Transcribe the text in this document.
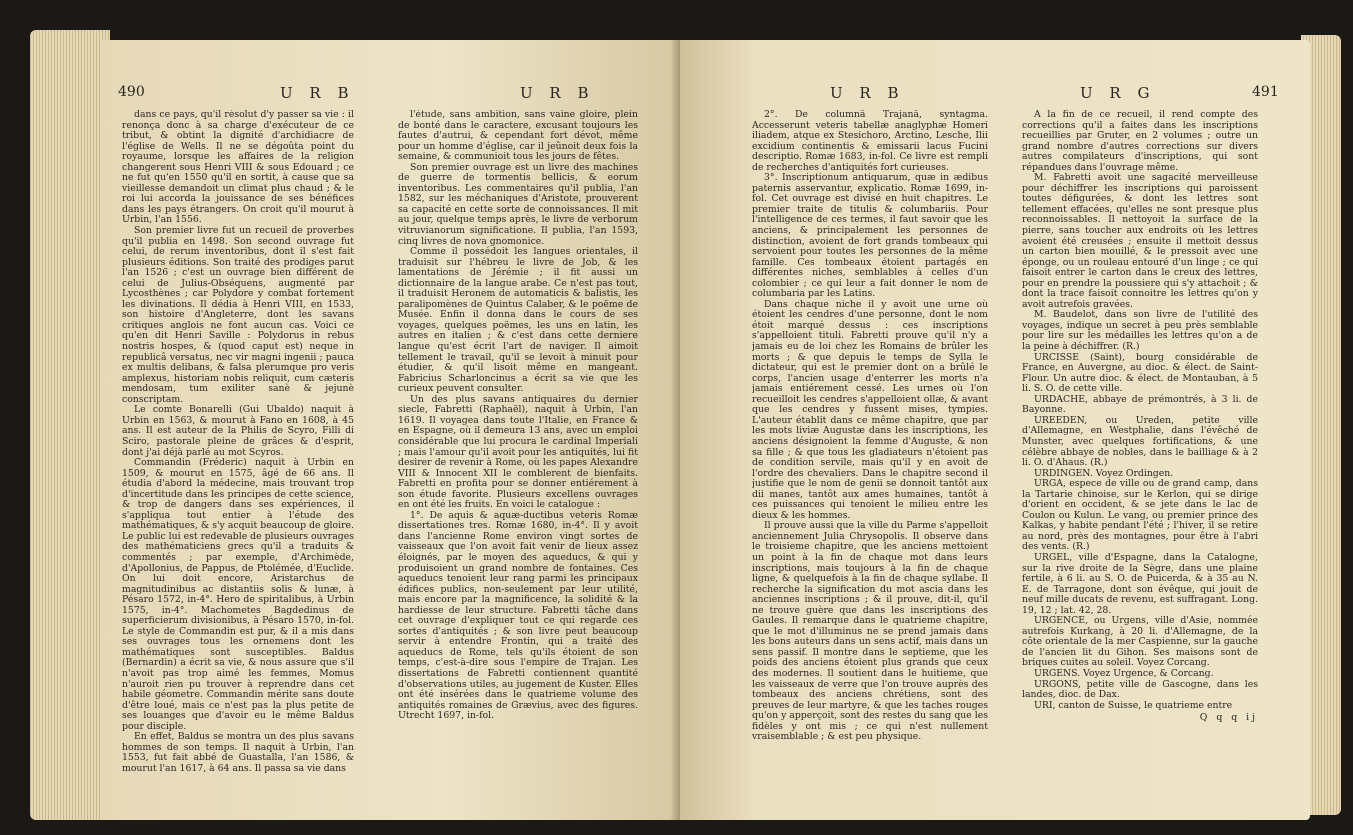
490	U R B	U R B

dans ce pays, qu'il résolut d'y passer sa vie : il renonça donc à sa charge d'exécuteur de ce tribut, & obtint la dignité d'archidiacre de l'église de Wells. Il ne se dégoûta point du royaume, lorsque les affaires de la religion changerent sous Henri VIII & sous Edouard ; ce ne fut qu'en 1550 qu'il en sortit, à cause que sa vieillesse demandoit un climat plus chaud ; & le roi lui accorda la jouissance de ses bénéfices dans les pays étrangers. On croit qu'il mourut à Urbin, l'an 1556.

Son premier livre fut un recueil de proverbes qu'il publia en 1498. Son second ouvrage fut celui, de rerum inventoribus, dont il s'est fait plusieurs éditions. Son traité des prodiges parut l'an 1526 ; c'est un ouvrage bien différent de celui de Julius-Obséquens, augmenté par Lycosthènes ; car Polydore y combat fortement les divinations. Il dédia à Henri VIII, en 1533, son histoire d'Angleterre, dont les savans critiques anglois ne font aucun cas. Voici ce qu'en dit Henri Saville : Polydorus in rebus nostris hospes, & (quod caput est) neque in republicâ versatus, nec vir magni ingenii ; pauca ex multis delibans, & falsa plerumque pro veris amplexus, historiam nobis reliquit, cum cæteris mendosam, tum exiliter sanè & jejunè conscriptam.

Le comte Bonarelli (Gui Ubaldo) naquit à Urbin en 1563, & mourut à Fano en 1608, à 45 ans. Il est auteur de la Philis de Scyro, Filli di Sciro, pastorale pleine de grâces & d'esprit, dont j'ai déjà parlé au mot Scyros.

Commandin (Fréderic) naquit à Urbin en 1509, & mourut en 1575, âgé de 66 ans. Il étudia d'abord la médecine, mais trouvant trop d'incertitude dans les principes de cette science, & trop de dangers dans ses expériences, il s'appliqua tout entier à l'étude des mathématiques, & s'y acquit beaucoup de gloire. Le public lui est redevable de plusieurs ouvrages des mathématiciens grecs qu'il a traduits & commentés ; par exemple, d'Archimède, d'Apollonius, de Pappus, de Ptolémée, d'Euclide. On lui doit encore, Aristarchus de magnitudinibus ac distantiis solis & lunæ, à Pésaro 1572, in-4°. Hero de spiritalibus, à Urbin 1575, in-4°. Machometes Bagdedinus de superficierum divisionibus, à Pésaro 1570, in-fol. Le style de Commandin est pur, & il a mis dans ses ouvrages tous les ornemens dont les mathématiques sont susceptibles. Baldus (Bernardin) a écrit sa vie, & nous assure que s'il n'avoit pas trop aimé les femmes, Momus n'auroit rien pu trouver à reprendre dans cet habile géometre. Commandin mérite sans doute d'être loué, mais ce n'est pas la plus petite de ses louanges que d'avoir eu le même Baldus pour disciple.

En effet, Baldus se montra un des plus savans hommes de son temps. Il naquit à Urbin, l'an 1553, fut fait abbé de Guastalla, l'an 1586, & mourut l'an 1617, à 64 ans. Il passa sa vie dans

l'étude, sans ambition, sans vaine gloire, plein de bonté dans le caractere, excusant toujours les fautes d'autrui, & cependant fort dévot, même pour un homme d'église, car il jeûnoit deux fois la semaine, & communioit tous les jours de fêtes.

Son premier ouvrage est un livre des machines de guerre de tormentis bellicis, & eorum inventoribus. Les commentaires qu'il publia, l'an 1582, sur les méchaniques d'Aristote, prouverent sa capacité en cette sorte de connoissances. Il mit au jour, quelque temps après, le livre de verborum vitruvianorum significatione. Il publia, l'an 1593, cinq livres de nova gnomonice.

Comme il possédoit les langues orientales, il traduisit sur l'hébreu le livre de Job, & les lamentations de Jérémie ; il fit aussi un dictionnaire de la langue arabe. Ce n'est pas tout, il traduisit Heronem de automaticis & balistis, les paralipomènes de Quintus Calaber, & le poëme de Musée. Enfin il donna dans le cours de ses voyages, quelques poëmes, les uns en latin, les autres en italien ; & c'est dans cette derniere langue qu'est écrit l'art de naviger. Il aimoit tellement le travail, qu'il se levoit à minuit pour étudier, & qu'il lisoit même en mangeant. Fabricius Scharloncinus a écrit sa vie que les curieux peuvent consulter.

Un des plus savans antiquaires du dernier siecle, Fabretti (Raphaël), naquit à Urbin, l'an 1619. Il voyagea dans toute l'Italie, en France & en Espagne, où il demeura 13 ans, avec un emploi considérable que lui procura le cardinal Imperiali ; mais l'amour qu'il avoit pour les antiquités, lui fit desirer de revenir à Rome, où les papes Alexandre VIII & Innocent XII le comblerent de bienfaits. Fabretti en profita pour se donner entiérement à son étude favorite. Plusieurs excellens ouvrages en ont été les fruits. En voici le catalogue :

1°. De aquis & aquæ-ductibus veteris Romæ dissertationes tres. Romæ 1680, in-4°. Il y avoit dans l'ancienne Rome environ vingt sortes de vaisseaux que l'on avoit fait venir de lieux assez éloignés, par le moyen des aqueducs, & qui y produisoient un grand nombre de fontaines. Ces aqueducs tenoient leur rang parmi les principaux édifices publics, non-seulement par leur utilité, mais encore par la magnificence, la solidité & la hardiesse de leur structure. Fabretti tâche dans cet ouvrage d'expliquer tout ce qui regarde ces sortes d'antiquités ; & son livre peut beaucoup servir à entendre Frontin, qui a traité des aqueducs de Rome, tels qu'ils étoient de son temps, c'est-à-dire sous l'empire de Trajan. Les dissertations de Fabretti contiennent quantité d'observations utiles, au jugement de Kuster. Elles ont été insérées dans le quatrieme volume des antiquités romaines de Grævius, avec des figures. Utrecht 1697, in-fol.

U R B	U R G	491

2°. De columnâ Trajanâ, syntagma. Accesserunt veteris tabellæ anaglyphæ Homeri iliadem, atque ex Stesichoro, Arctino, Lesche, Ilii excidium continentis & emissarii lacus Fucini descriptio. Romæ 1683, in-fol. Ce livre est rempli de recherches d'antiquités fort curieuses.

3°. Inscriptionum antiquarum, quæ in ædibus paternis asservantur, explicatio. Romæ 1699, in-fol. Cet ouvrage est divisé en huit chapitres. Le premier traite de titulis & columbariis. Pour l'intelligence de ces termes, il faut savoir que les anciens, & principalement les personnes de distinction, avoient de fort grands tombeaux qui servoient pour toutes les personnes de la même famille. Ces tombeaux étoient partagés en différentes niches, semblables à celles d'un colombier ; ce qui leur a fait donner le nom de columbaria par les Latins.

Dans chaque niche il y avoit une urne où étoient les cendres d'une personne, dont le nom étoit marqué dessus : ces inscriptions s'appelloient tituli. Fabretti prouve qu'il n'y a jamais eu de loi chez les Romains de brûler les morts ; & que depuis le temps de Sylla le dictateur, qui est le premier dont on a brûlé le corps, l'ancien usage d'enterrer les morts n'a jamais entiérement cessé. Les urnes où l'on recueilloit les cendres s'appelloient ollæ, & avant que les cendres y fussent mises, tympies. L'auteur établit dans ce même chapitre, que par les mots liviæ Augustæ dans les inscriptions, les anciens désignoient la femme d'Auguste, & non sa fille ; & que tous les gladiateurs n'étoient pas de condition servile, mais qu'il y en avoit de l'ordre des chevaliers. Dans le chapitre second il justifie que le nom de genii se donnoit tantôt aux dii manes, tantôt aux ames humaines, tantôt à ces puissances qui tenoient le milieu entre les dieux & les hommes.

Il prouve aussi que la ville du Parme s'appelloit anciennement Julia Chrysopolis. Il observe dans le troisieme chapitre, que les anciens mettoient un point à la fin de chaque mot dans leurs inscriptions, mais toujours à la fin de chaque ligne, & quelquefois à la fin de chaque syllabe. Il recherche la signification du mot ascia dans les anciennes inscriptions ; & il prouve, dit-il, qu'il ne trouve guère que dans les inscriptions des Gaules. Il remarque dans le quatrieme chapitre, que le mot d'illuminus ne se prend jamais dans les bons auteurs dans un sens actif, mais dans un sens passif. Il montre dans le septieme, que les poids des anciens étoient plus grands que ceux des modernes. Il soutient dans le huitieme, que les vaisseaux de verre que l'on trouve auprès des tombeaux des anciens chrétiens, sont des preuves de leur martyre, & que les taches rouges qu'on y apperçoit, sont des restes du sang que les fidèles y ont mis ; ce qui n'est nullement vraisemblable ; & est peu physique.

A la fin de ce recueil, il rend compte des corrections qu'il a faites dans les inscriptions recueillies par Gruter, en 2 volumes ; outre un grand nombre d'autres corrections sur divers autres compilateurs d'inscriptions, qui sont répandues dans l'ouvrage même.

M. Fabretti avoit une sagacité merveilleuse pour déchiffrer les inscriptions qui paroissent toutes défigurées, & dont les lettres sont tellement effacées, qu'elles ne sont presque plus reconnoissables. Il nettoyoit la surface de la pierre, sans toucher aux endroits où les lettres avoient été creusées ; ensuite il mettoit dessus un carton bien mouillé, & le pressoit avec une éponge, ou un rouleau entouré d'un linge ; ce qui faisoit entrer le carton dans le creux des lettres, pour en prendre la poussiere qui s'y attachoit ; & dont la trace faisoit connoitre les lettres qu'on y avoit autrefois gravées.

M. Baudelot, dans son livre de l'utilité des voyages, indique un secret à peu près semblable pour lire sur les médailles les lettres qu'on a de la peine à déchiffrer. (R.)

URCISSE (Saint), bourg considérable de France, en Auvergne, au dioc. & élect. de Saint-Flour. Un autre dioc. & élect. de Montauban, à 5 li. S. O. de cette ville.

URDACHE, abbaye de prémontrés, à 3 li. de Bayonne.

UREEDEN, ou Ureden, petite ville d'Allemagne, en Westphalie, dans l'évêché de Munster, avec quelques fortifications, & une célèbre abbaye de nobles, dans le bailliage & à 2 li. O. d'Ahaus. (R.)

URDINGEN. Voyez Ordingen.

URGA, espece de ville ou de grand camp, dans la Tartarie chinoise, sur le Kerlon, qui se dirige d'orient en occident, & se jete dans le lac de Coulon ou Kulun. Le vang, ou premier prince des Kalkas, y habite pendant l'été ; l'hiver, il se retire au nord, près des montagnes, pour être à l'abri des vents. (R.)

URGEL, ville d'Espagne, dans la Catalogne, sur la rive droite de la Sègre, dans une plaine fertile, à 6 li. au S. O. de Puicerda, & à 35 au N. E. de Tarragone, dont son évêque, qui jouit de neuf mille ducats de revenu, est suffragant. Long. 19, 12 ; lat. 42, 28.

URGENCE, ou Urgens, ville d'Asie, nommée autrefois Kurkang, à 20 li. d'Allemagne, de la côte orientale de la mer Caspienne, sur la gauche de l'ancien lit du Gihon. Ses maisons sont de briques cuites au soleil. Voyez Corcang.

URGENS. Voyez Urgence, & Corcang.

URGONS, petite ville de Gascogne, dans les landes, dioc. de Dax.

URI, canton de Suisse, le quatrieme entre

Q q q ij
